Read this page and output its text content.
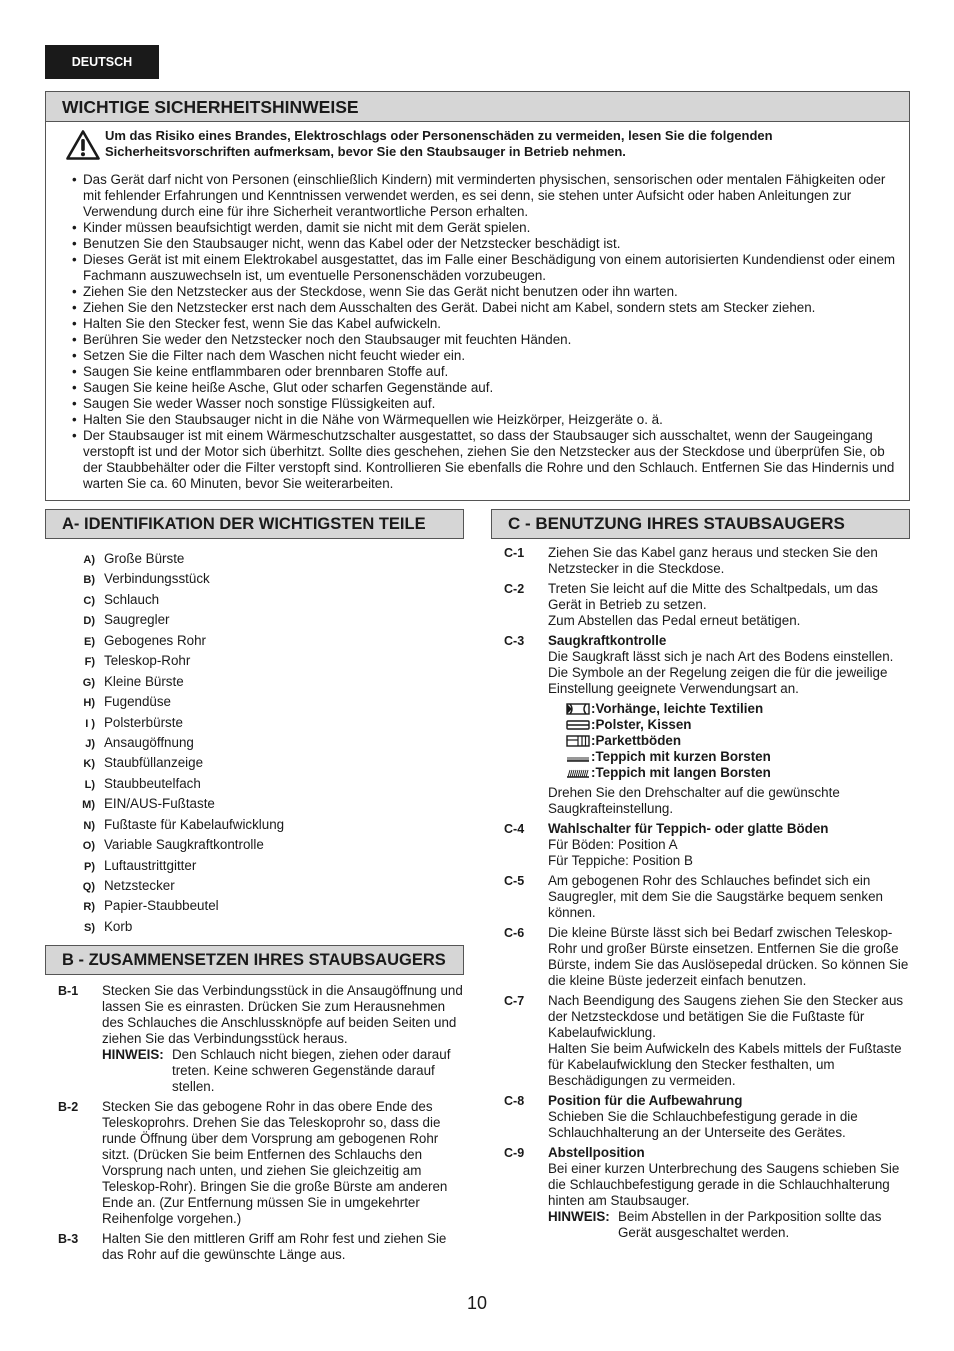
DEUTSCH
WICHTIGE SICHERHEITSHINWEISE
Um das Risiko eines Brandes, Elektroschlags oder Personenschäden zu vermeiden, lesen Sie die folgenden Sicherheitsvorschriften aufmerksam, bevor Sie den Staubsauger in Betrieb nehmen.
• Das Gerät darf nicht von Personen (einschließlich Kindern) mit verminderten physischen, sensorischen oder mentalen Fähigkeiten oder mit fehlender Erfahrungen und Kenntnissen verwendet werden, es sei denn, sie stehen unter Aufsicht oder haben Anleitungen zur Verwendung durch eine für ihre Sicherheit verantwortliche Person erhalten.
• Kinder müssen beaufsichtigt werden, damit sie nicht mit dem Gerät spielen.
• Benutzen Sie den Staubsauger nicht, wenn das Kabel oder der Netzstecker beschädigt ist.
• Dieses Gerät ist mit einem Elektrokabel ausgestattet, das im Falle einer Beschädigung von einem autorisierten Kundendienst oder einem Fachmann auszuwechseln ist, um eventuelle Personenschäden vorzubeugen.
• Ziehen Sie den Netzstecker aus der Steckdose, wenn Sie das Gerät nicht benutzen oder ihn warten.
• Ziehen Sie den Netzstecker erst nach dem Ausschalten des Gerät. Dabei nicht am Kabel, sondern stets am Stecker ziehen.
• Halten Sie den Stecker fest, wenn Sie das Kabel aufwickeln.
• Berühren Sie weder den Netzstecker noch den Staubsauger mit feuchten Händen.
• Setzen Sie die Filter nach dem Waschen nicht feucht wieder ein.
• Saugen Sie keine entflammbaren oder brennbaren Stoffe auf.
• Saugen Sie keine heiße Asche, Glut oder scharfen Gegenstände auf.
• Saugen Sie weder Wasser noch sonstige Flüssigkeiten auf.
• Halten Sie den Staubsauger nicht in die Nähe von Wärmequellen wie Heizkörper, Heizgeräte o. ä.
• Der Staubsauger ist mit einem Wärmeschutzschalter ausgestattet, so dass der Staubsauger sich ausschaltet, wenn der Saugeingang verstopft ist und der Motor sich überhitzt. Sollte dies geschehen, ziehen Sie den Netzstecker aus der Steckdose und überprüfen Sie, ob der Staubbehälter oder die Filter verstopft sind. Kontrollieren Sie ebenfalls die Rohre und den Schlauch. Entfernen Sie das Hindernis und warten Sie ca. 60 Minuten, bevor Sie weiterarbeiten.
A- IDENTIFIKATION DER WICHTIGSTEN TEILE
A) Große Bürste
B) Verbindungsstück
C) Schlauch
D) Saugregler
E) Gebogenes Rohr
F) Teleskop-Rohr
G) Kleine Bürste
H) Fugendüse
I ) Polsterbürste
J) Ansaugöffnung
K) Staubfüllanzeige
L) Staubbeutelfach
M) EIN/AUS-Fußtaste
N) Fußtaste für Kabelaufwicklung
O) Variable Saugkraftkontrolle
P) Luftaustrittgitter
Q) Netzstecker
R) Papier-Staubbeutel
S) Korb
B - ZUSAMMENSETZEN IHRES STAUBSAUGERS
B-1 Stecken Sie das Verbindungsstück in die Ansaugöffnung und lassen Sie es einrasten. Drücken Sie zum Herausnehmen des Schlauches die Anschlussknöpfe auf beiden Seiten und ziehen Sie das Verbindungsstück heraus.
HINWEIS: Den Schlauch nicht biegen, ziehen oder darauf treten. Keine schweren Gegenstände darauf stellen.
B-2 Stecken Sie das gebogene Rohr in das obere Ende des Teleskoprohrs. Drehen Sie das Teleskoprohr so, dass die runde Öffnung über dem Vorsprung am gebogenen Rohr sitzt. (Drücken Sie beim Entfernen des Schlauchs den Vorsprung nach unten, und ziehen Sie gleichzeitig am Teleskop-Rohr). Bringen Sie die große Bürste am anderen Ende an. (Zur Entfernung müssen Sie in umgekehrter Reihenfolge vorgehen.)
B-3 Halten Sie den mittleren Griff am Rohr fest und ziehen Sie das Rohr auf die gewünschte Länge aus.
C - BENUTZUNG IHRES STAUBSAUGERS
C-1 Ziehen Sie das Kabel ganz heraus und stecken Sie den Netzstecker in die Steckdose.
C-2 Treten Sie leicht auf die Mitte des Schaltpedals, um das Gerät in Betrieb zu setzen.
Zum Abstellen das Pedal erneut betätigen.
C-3 Saugkraftkontrolle
Die Saugkraft lässt sich je nach Art des Bodens einstellen.
Die Symbole an der Regelung zeigen die für die jeweilige Einstellung geeignete Verwendungsart an.
:Vorhänge, leichte Textilien
:Polster, Kissen
:Parkettböden
:Teppich mit kurzen Borsten
:Teppich mit langen Borsten
Drehen Sie den Drehschalter auf die gewünschte Saugkrafteinstellung.
C-4 Wahlschalter für Teppich- oder glatte Böden
Für Böden: Position A
Für Teppiche: Position B
C-5 Am gebogenen Rohr des Schlauches befindet sich ein Saugregler, mit dem Sie die Saugstärke bequem senken können.
C-6 Die kleine Bürste lässt sich bei Bedarf zwischen Teleskop-Rohr und großer Bürste einsetzen. Entfernen Sie die große Bürste, indem Sie das Auslösepedal drücken. So können Sie die kleine Büste jederzeit einfach benutzen.
C-7 Nach Beendigung des Saugens ziehen Sie den Stecker aus der Netzsteckdose und betätigen Sie die Fußtaste für Kabelaufwicklung.
Halten Sie beim Aufwickeln des Kabels mittels der Fußtaste für Kabelaufwicklung den Stecker festhalten, um Beschädigungen zu vermeiden.
C-8 Position für die Aufbewahrung
Schieben Sie die Schlauchbefestigung gerade in die Schlauchhalterung an der Unterseite des Gerätes.
C-9 Abstellposition
Bei einer kurzen Unterbrechung des Saugens schieben Sie die Schlauchbefestigung gerade in die Schlauchhalterung hinten am Staubsauger.
HINWEIS: Beim Abstellen in der Parkposition sollte das Gerät ausgeschaltet werden.
10
